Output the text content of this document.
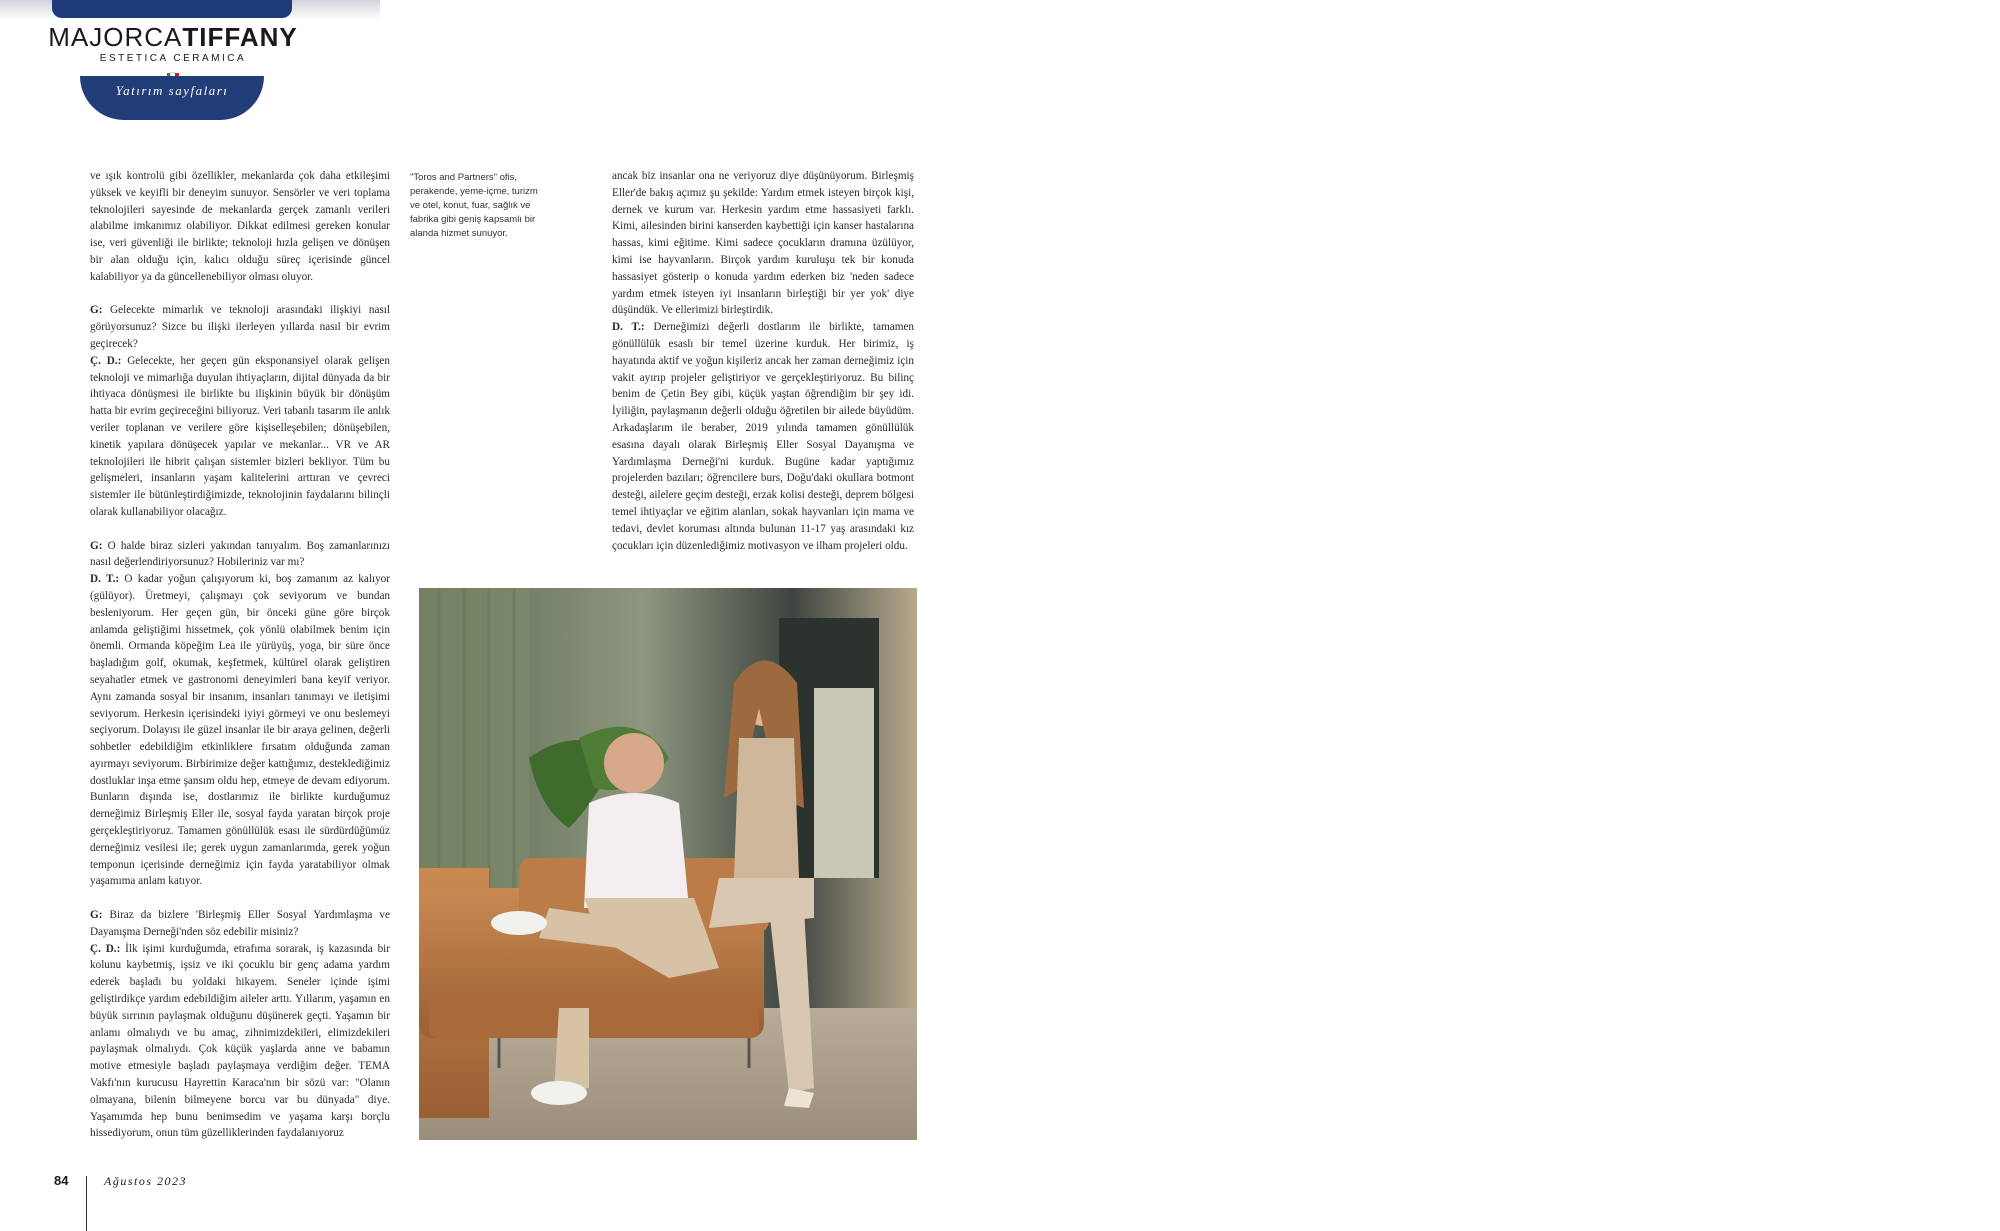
MAJORCATIFFANY
ESTETICA CERAMICA
Yatırım sayfaları

ve ışık kontrolü gibi özellikler, mekanlarda çok daha etkileşimi yüksek ve keyifli bir deneyim sunuyor. Sensörler ve veri toplama teknolojileri sayesinde de mekanlarda gerçek zamanlı verileri alabilme imkanımız olabiliyor. Dikkat edilmesi gereken konular ise, veri güvenliği ile birlikte; teknoloji hızla gelişen ve dönüşen bir alan olduğu için, kalıcı olduğu süreç içerisinde güncel kalabiliyor ya da güncellenebiliyor olması oluyor.

G: Gelecekte mimarlık ve teknoloji arasındaki ilişkiyi nasıl görüyorsunuz? Sizce bu ilişki ilerleyen yıllarda nasıl bir evrim geçirecek?

Ç. D.: Gelecekte, her geçen gün eksponansiyel olarak gelişen teknoloji ve mimarlığa duyulan ihtiyaçların, dijital dünyada da bir ihtiyaca dönüşmesi ile birlikte bu ilişkinin büyük bir dönüşüm hatta bir evrim geçireceğini biliyoruz. Veri tabanlı tasarım ile anlık veriler toplanan ve verilere göre kişiselleşebilen; dönüşebilen, kinetik yapılara dönüşecek yapılar ve mekanlar... VR ve AR teknolojileri ile hibrit çalışan sistemler bizleri bekliyor. Tüm bu gelişmeleri, insanların yaşam kalitelerini arttıran ve çevreci sistemler ile bütünleştirdiğimizde, teknolojinin faydalarını bilinçli olarak kullanabiliyor olacağız.

G: O halde biraz sizleri yakından tanıyalım. Boş zamanlarınızı nasıl değerlendiriyorsunuz? Hobileriniz var mı?

D. T.: O kadar yoğun çalışıyorum ki, boş zamanım az kalıyor (gülüyor). Üretmeyi, çalışmayı çok seviyorum ve bundan besleniyorum. Her geçen gün, bir önceki güne göre birçok anlamda geliştiğimi hissetmek, çok yönlü olabilmek benim için önemli. Ormanda köpeğim Lea ile yürüyüş, yoga, bir süre önce başladığım golf, okumak, keşfetmek, kültürel olarak geliştiren seyahatler etmek ve gastronomi deneyimleri bana keyif veriyor. Aynı zamanda sosyal bir insanım, insanları tanımayı ve iletişimi seviyorum. Herkesin içerisindeki iyiyi görmeyi ve onu beslemeyi seçiyorum. Dolayısı ile güzel insanlar ile bir araya gelinen, değerli sohbetler edebildiğim etkinliklere fırsatım olduğunda zaman ayırmayı seviyorum. Birbirimize değer kattığımız, desteklediğimiz dostluklar inşa etme şansım oldu hep, etmeye de devam ediyorum. Bunların dışında ise, dostlarımız ile birlikte kurduğumuz derneğimiz Birleşmiş Eller ile, sosyal fayda yaratan birçok proje gerçekleştiriyoruz. Tamamen gönüllülük esası ile sürdürdüğümüz derneğimiz vesilesi ile; gerek uygun zamanlarımda, gerek yoğun temponun içerisinde derneğimiz için fayda yaratabiliyor olmak yaşamıma anlam katıyor.

G: Biraz da bizlere 'Birleşmiş Eller Sosyal Yardımlaşma ve Dayanışma Derneği'nden söz edebilir misiniz?

Ç. D.: İlk işimi kurduğumda, etrafıma sorarak, iş kazasında bir kolunu kaybetmiş, işsiz ve iki çocuklu bir genç adama yardım ederek başladı bu yoldaki hikayem. Seneler içinde işimi geliştirdikçe yardım edebildiğim aileler arttı. Yıllarım, yaşamın en büyük sırrının paylaşmak olduğunu düşünerek geçti. Yaşamın bir anlamı olmalıydı ve bu amaç, zihnimizdekileri, elimizdekileri paylaşmak olmalıydı. Çok küçük yaşlarda anne ve babamın motive etmesiyle başladı paylaşmaya verdiğim değer. TEMA Vakfı'nın kurucusu Hayrettin Karaca'nın bir sözü var: "Olanın olmayana, bilenin bilmeyene borcu var bu dünyada" diye. Yaşamımda hep bunu benimsedim ve yaşama karşı borçlu hissediyorum, onun tüm güzelliklerinden faydalanıyoruz

"Toros and Partners" ofis, perakende, yeme-içme, turizm ve otel, konut, fuar, sağlık ve fabrika gibi geniş kapsamlı bir alanda hizmet sunuyor.

ancak biz insanlar ona ne veriyoruz diye düşünüyorum. Birleşmiş Eller'de bakış açımız şu şekilde: Yardım etmek isteyen birçok kişi, dernek ve kurum var. Herkesin yardım etme hassasiyeti farklı. Kimi, ailesinden birini kanserden kaybettiği için kanser hastalarına hassas, kimi eğitime. Kimi sadece çocukların dramına üzülüyor, kimi ise hayvanların. Birçok yardım kuruluşu tek bir konuda hassasiyet gösterip o konuda yardım ederken biz 'neden sadece yardım etmek isteyen iyi insanların birleştiği bir yer yok' diye düşündük. Ve ellerimizi birleştirdik.

D. T.: Derneğimizi değerli dostlarım ile birlikte, tamamen gönüllülük esaslı bir temel üzerine kurduk. Her birimiz, iş hayatında aktif ve yoğun kişileriz ancak her zaman derneğimiz için vakit ayırıp projeler geliştiriyor ve gerçekleştiriyoruz. Bu bilinç benim de Çetin Bey gibi, küçük yaştan öğrendiğim bir şey idi. İyiliğin, paylaşmanın değerli olduğu öğretilen bir ailede büyüdüm. Arkadaşlarım ile beraber, 2019 yılında tamamen gönüllülük esasına dayalı olarak Birleşmiş Eller Sosyal Dayanışma ve Yardımlaşma Derneği'ni kurduk. Bugüne kadar yaptığımız projelerden bazıları; öğrencilere burs, Doğu'daki okullara botmont desteği, ailelere geçim desteği, erzak kolisi desteği, deprem bölgesi temel ihtiyaçlar ve eğitim alanları, sokak hayvanları için mama ve tedavi, devlet koruması altında bulunan 11-17 yaş arasındaki kız çocukları için düzenlediğimiz motivasyon ve ilham projeleri oldu.

84	Ağustos 2023
